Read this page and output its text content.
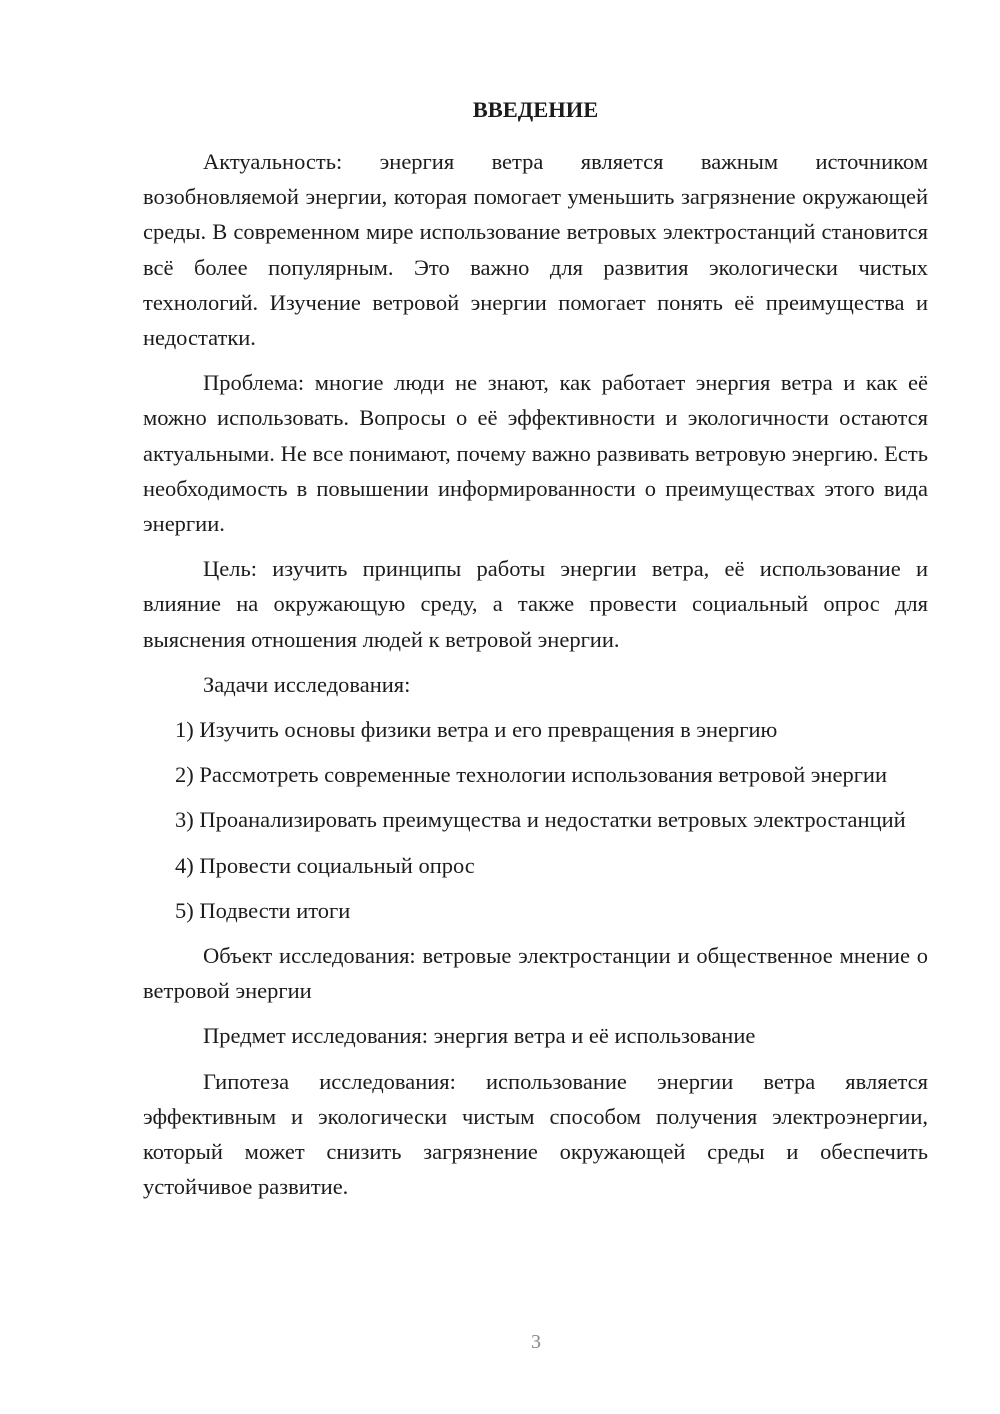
ВВЕДЕНИЕ

Актуальность: энергия ветра является важным источником возобновляемой энергии, которая помогает уменьшить загрязнение окружающей среды. В современном мире использование ветровых электростанций становится всё более популярным. Это важно для развития экологически чистых технологий. Изучение ветровой энергии помогает понять её преимущества и недостатки.

Проблема: многие люди не знают, как работает энергия ветра и как её можно использовать. Вопросы о её эффективности и экологичности остаются актуальными. Не все понимают, почему важно развивать ветровую энергию. Есть необходимость в повышении информированности о преимуществах этого вида энергии.

Цель: изучить принципы работы энергии ветра, её использование и влияние на окружающую среду, а также провести социальный опрос для выяснения отношения людей к ветровой энергии.

Задачи исследования:

1) Изучить основы физики ветра и его превращения в энергию

2) Рассмотреть современные технологии использования ветровой энергии

3) Проанализировать преимущества и недостатки ветровых электростанций

4) Провести социальный опрос

5) Подвести итоги

Объект исследования: ветровые электростанции и общественное мнение о ветровой энергии

Предмет исследования: энергия ветра и её использование

Гипотеза исследования: использование энергии ветра является эффективным и экологически чистым способом получения электроэнергии, который может снизить загрязнение окружающей среды и обеспечить устойчивое развитие.

3
